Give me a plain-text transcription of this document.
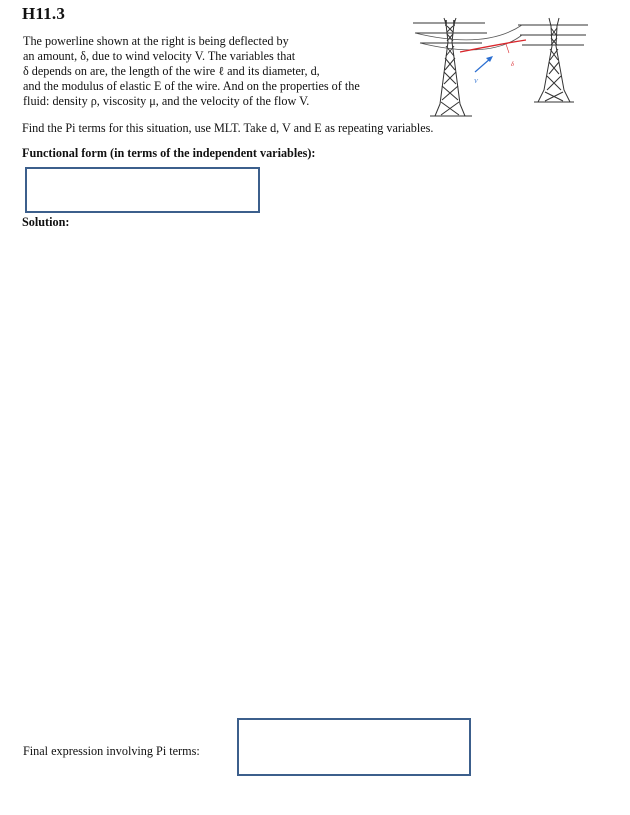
H11.3
The powerline shown at the right is being deflected by
an amount, δ, due to wind velocity V. The variables that
δ depends on are, the length of the wire ℓ and its diameter, d,
and the modulus of elastic E of the wire. And on the properties of the
fluid: density ρ, viscosity μ, and the velocity of the flow V.
V
δ
Find the Pi terms for this situation, use MLT. Take d, V and E as repeating variables.
Functional form (in terms of the independent variables):
Solution:
Final expression involving Pi terms:
